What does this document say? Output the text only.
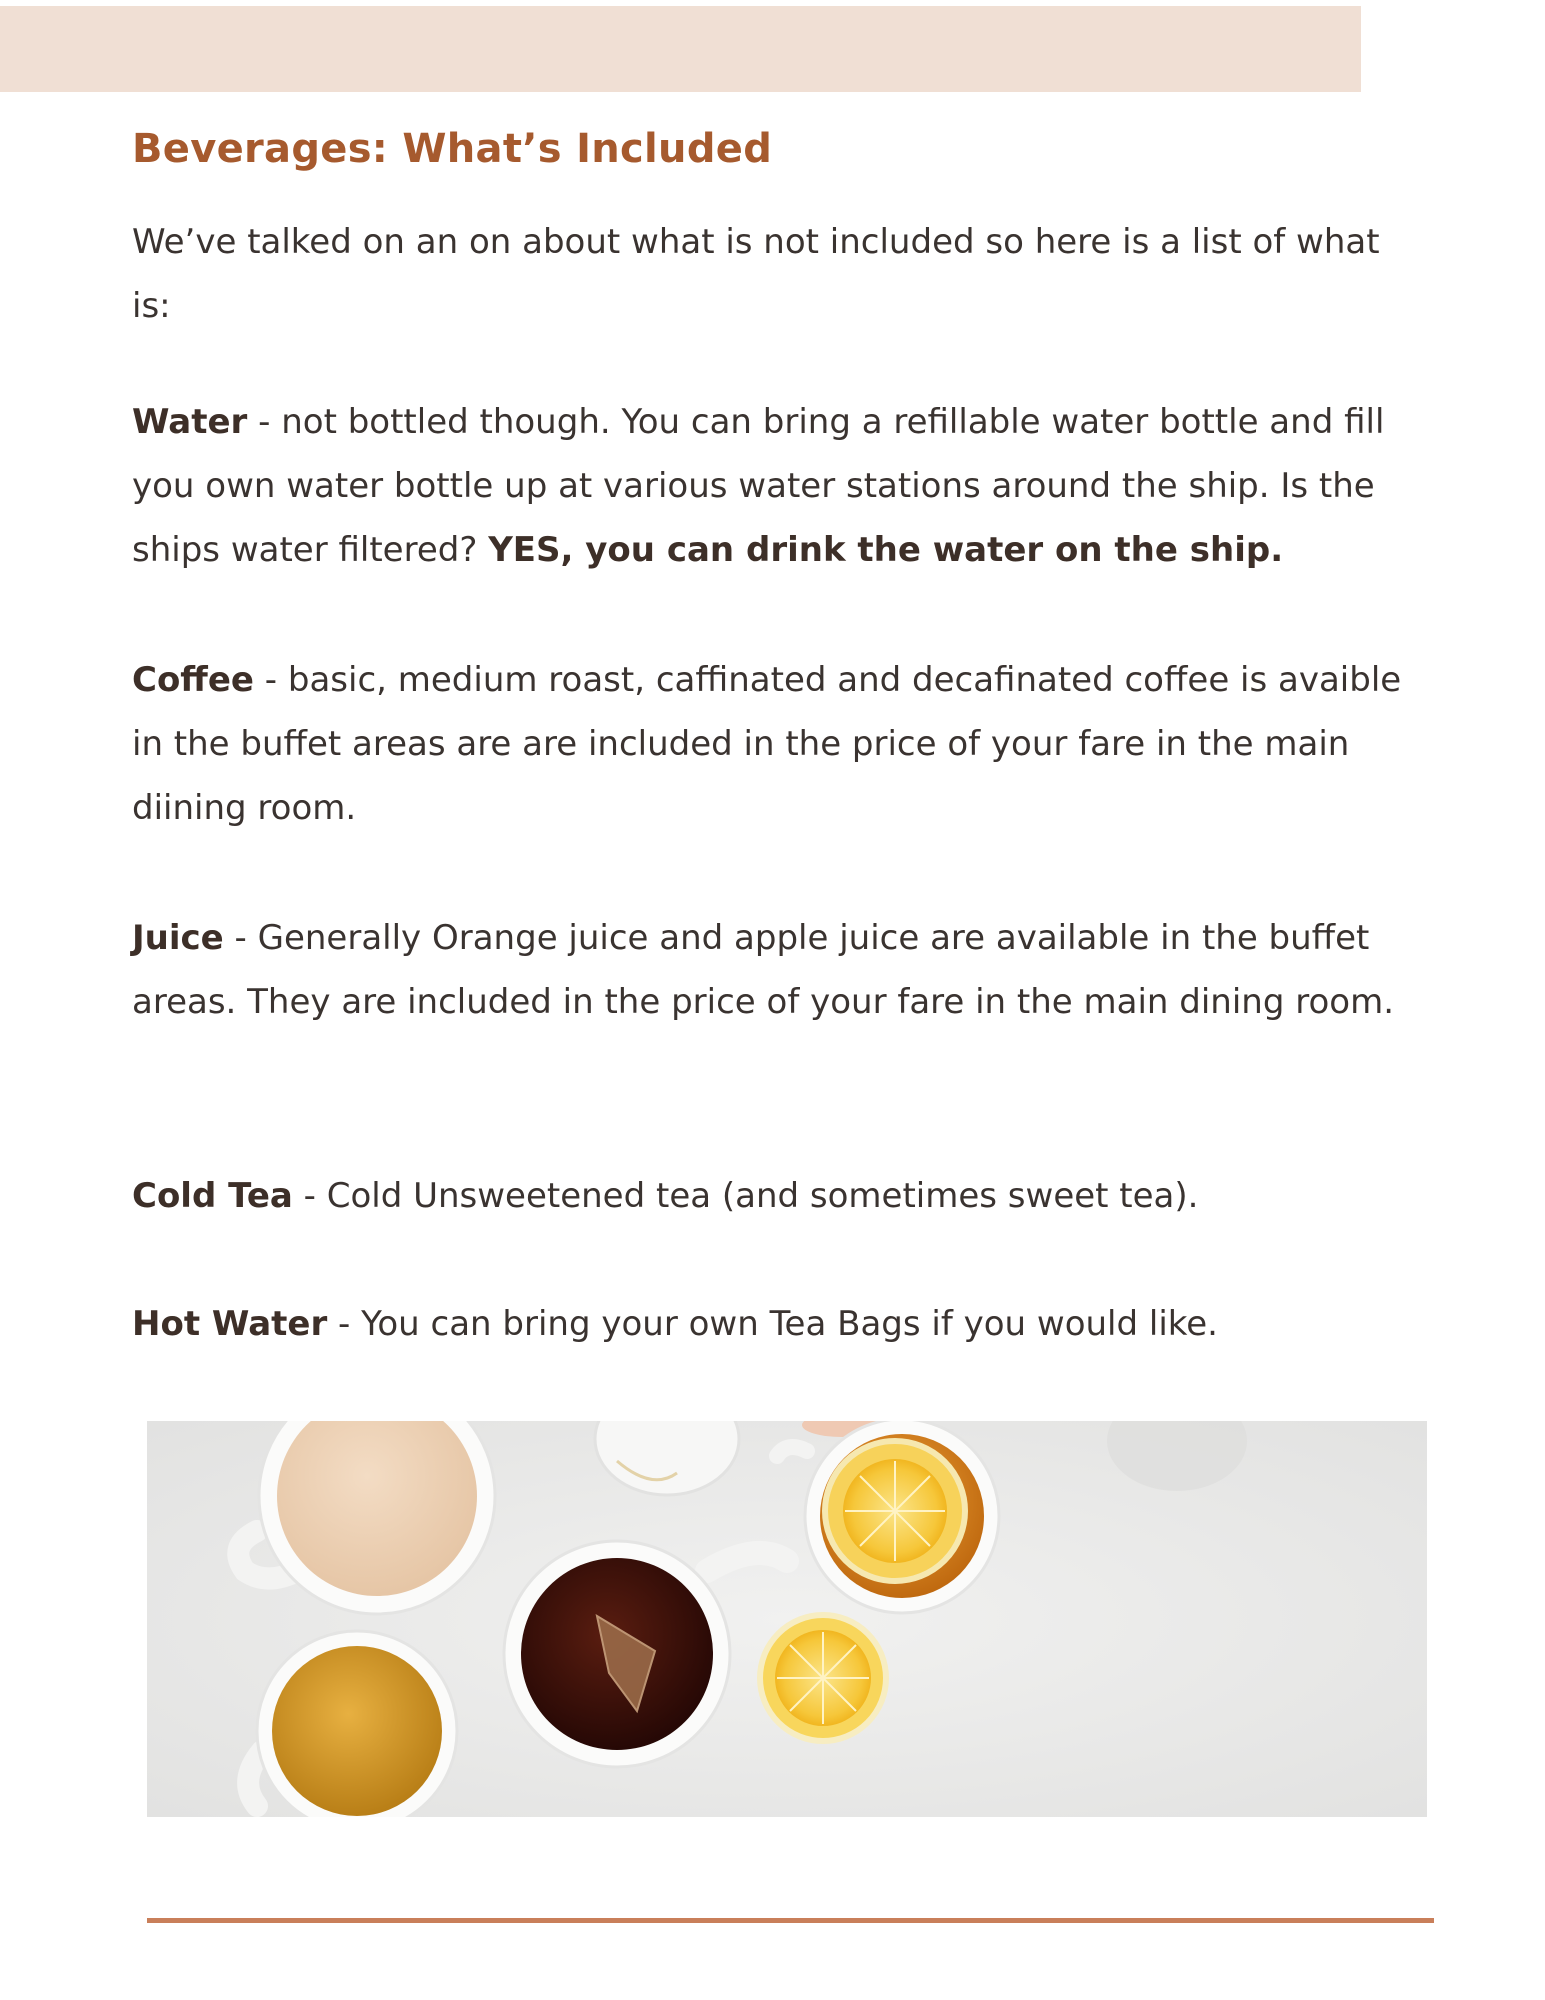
Beverages: What’s Included

We’ve talked on an on about what is not included so here is a list of what is:

Water - not bottled though. You can bring a refillable water bottle and fill you own water bottle up at various water stations around the ship. Is the ships water filtered? YES, you can drink the water on the ship.

Coffee - basic, medium roast, caffinated and decafinated coffee is avaible in the buffet areas are are included in the price of your fare in the main diining room.

Juice - Generally Orange juice and apple juice are available in the buffet areas. They are included in the price of your fare in the main dining room.

Cold Tea - Cold Unsweetened tea (and sometimes sweet tea).

Hot Water - You can bring your own Tea Bags if you would like.
